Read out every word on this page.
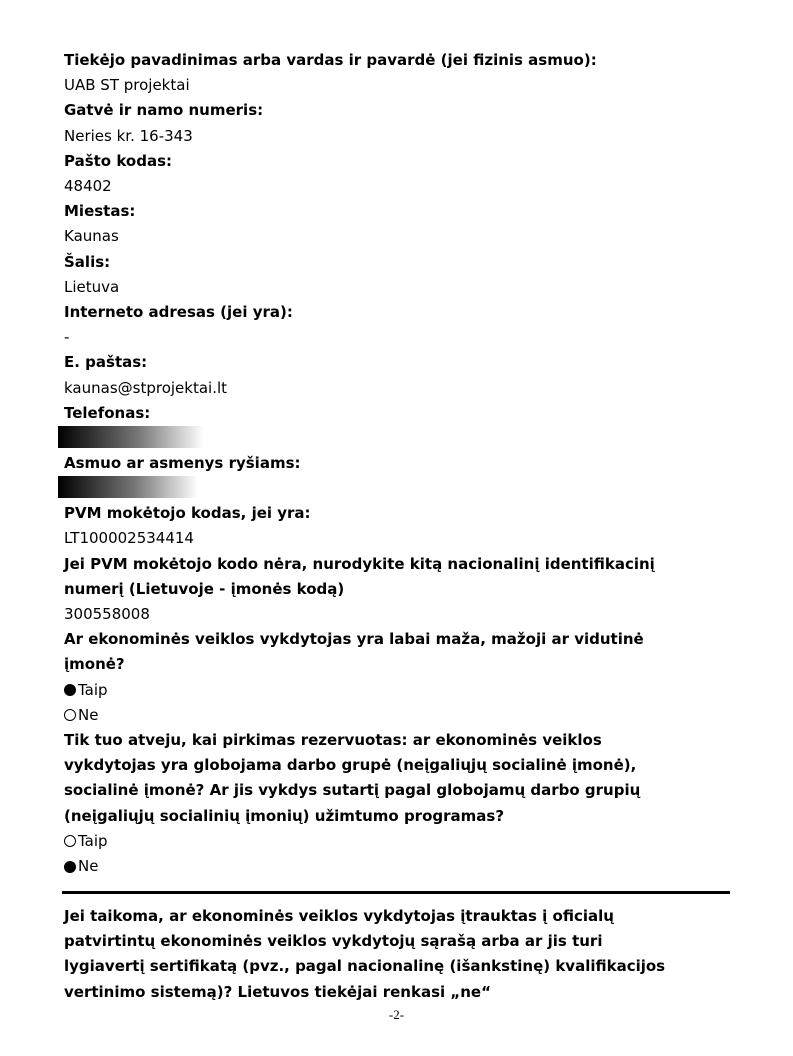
Tiekėjo pavadinimas arba vardas ir pavardė (jei fizinis asmuo):

UAB ST projektai

Gatvė ir namo numeris:

Neries kr. 16-343

Pašto kodas:

48402

Miestas:

Kaunas

Šalis:

Lietuva

Interneto adresas (jei yra):

-

E. paštas:

kaunas@stprojektai.lt

Telefonas:

Asmuo ar asmenys ryšiams:

PVM mokėtojo kodas, jei yra:

LT100002534414

Jei PVM mokėtojo kodo nėra, nurodykite kitą nacionalinį identifikacinį
numerį (Lietuvoje - įmonės kodą)

300558008

Ar ekonominės veiklos vykdytojas yra labai maža, mažoji ar vidutinė
įmonė?

Taip

Ne

Tik tuo atveju, kai pirkimas rezervuotas: ar ekonominės veiklos
vykdytojas yra globojama darbo grupė (neįgaliųjų socialinė įmonė),
socialinė įmonė? Ar jis vykdys sutartį pagal globojamų darbo grupių
(neįgaliųjų socialinių įmonių) užimtumo programas?

Taip

Ne

Jei taikoma, ar ekonominės veiklos vykdytojas įtrauktas į oficialų
patvirtintų ekonominės veiklos vykdytojų sąrašą arba ar jis turi
lygiavertį sertifikatą (pvz., pagal nacionalinę (išankstinę) kvalifikacijos
vertinimo sistemą)? Lietuvos tiekėjai renkasi „ne“

-2-
